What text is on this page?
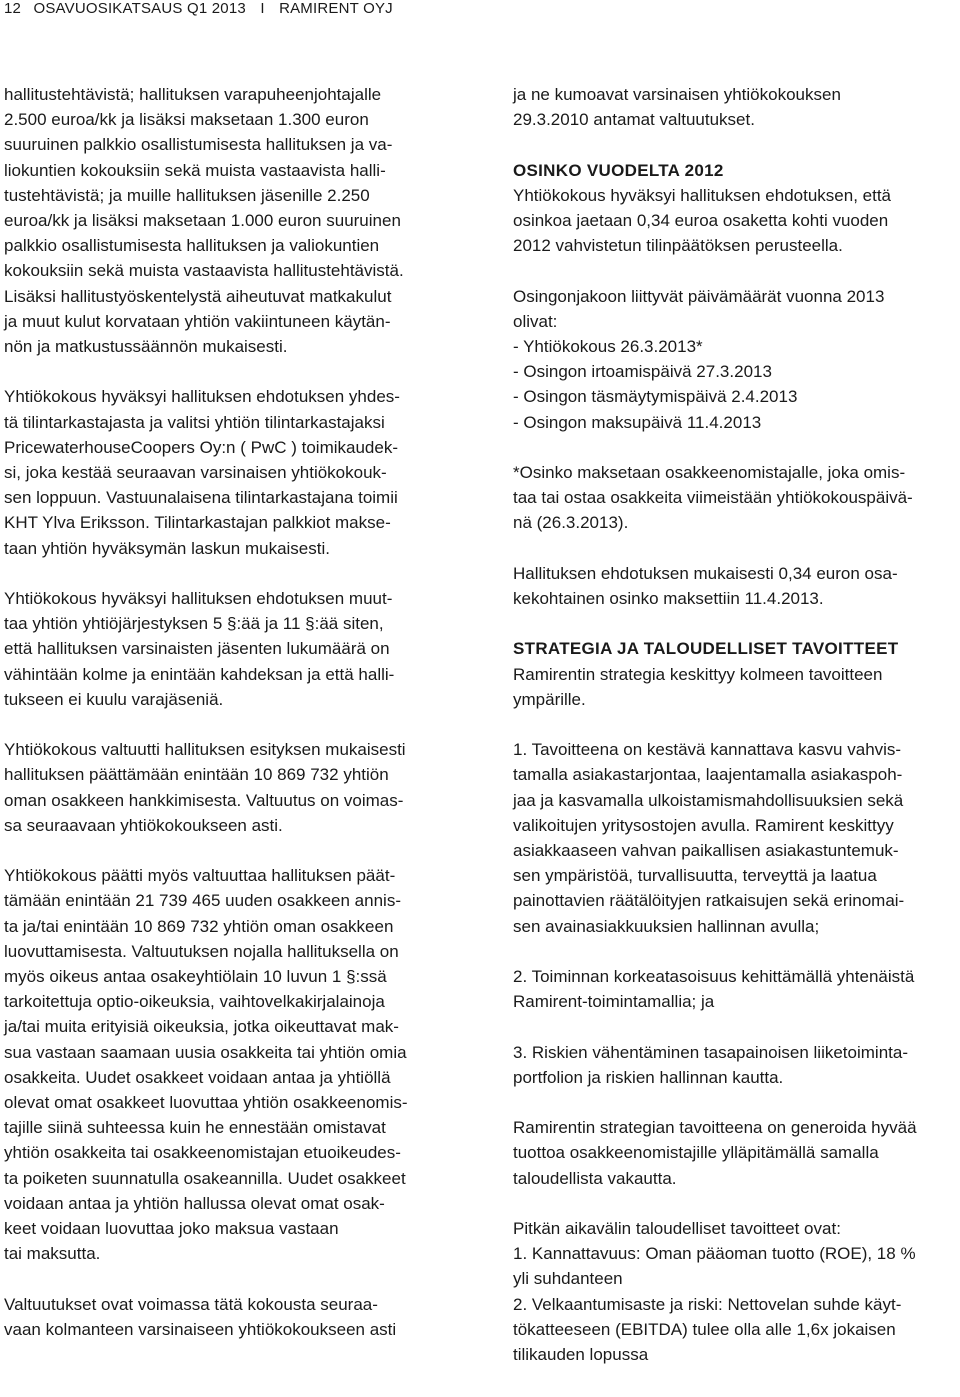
12 OSAVUOSIKATSAUS Q1 2013 I RAMIRENT OYJ

hallitustehtävistä; hallituksen varapuheenjohtajalle
2.500 euroa/kk ja lisäksi maksetaan 1.300 euron
suuruinen palkkio osallistumisesta hallituksen ja va-
liokuntien kokouksiin sekä muista vastaavista halli-
tustehtävistä; ja muille hallituksen jäsenille 2.250
euroa/kk ja lisäksi maksetaan 1.000 euron suuruinen
palkkio osallistumisesta hallituksen ja valiokuntien
kokouksiin sekä muista vastaavista hallitustehtävistä.
Lisäksi hallitustyöskentelystä aiheutuvat matkakulut
ja muut kulut korvataan yhtiön vakiintuneen käytän-
nön ja matkustussäännön mukaisesti.

Yhtiökokous hyväksyi hallituksen ehdotuksen yhdes-
tä tilintarkastajasta ja valitsi yhtiön tilintarkastajaksi
PricewaterhouseCoopers Oy:n ( PwC ) toimikaudek-
si, joka kestää seuraavan varsinaisen yhtiökokouk-
sen loppuun. Vastuunalaisena tilintarkastajana toimii
KHT Ylva Eriksson. Tilintarkastajan palkkiot makse-
taan yhtiön hyväksymän laskun mukaisesti.

Yhtiökokous hyväksyi hallituksen ehdotuksen muut-
taa yhtiön yhtiöjärjestyksen 5 §:ää ja 11 §:ää siten,
että hallituksen varsinaisten jäsenten lukumäärä on
vähintään kolme ja enintään kahdeksan ja että halli-
tukseen ei kuulu varajäseniä.

Yhtiökokous valtuutti hallituksen esityksen mukaisesti
hallituksen päättämään enintään 10 869 732 yhtiön
oman osakkeen hankkimisesta. Valtuutus on voimas-
sa seuraavaan yhtiökokoukseen asti.

Yhtiökokous päätti myös valtuuttaa hallituksen päät-
tämään enintään 21 739 465 uuden osakkeen annis-
ta ja/tai enintään 10 869 732 yhtiön oman osakkeen
luovuttamisesta. Valtuutuksen nojalla hallituksella on
myös oikeus antaa osakeyhtiölain 10 luvun 1 §:ssä
tarkoitettuja optio-oikeuksia, vaihtovelkakirjalainoja
ja/tai muita erityisiä oikeuksia, jotka oikeuttavat mak-
sua vastaan saamaan uusia osakkeita tai yhtiön omia
osakkeita. Uudet osakkeet voidaan antaa ja yhtiöllä
olevat omat osakkeet luovuttaa yhtiön osakkeenomis-
tajille siinä suhteessa kuin he ennestään omistavat
yhtiön osakkeita tai osakkeenomistajan etuoikeudes-
ta poiketen suunnatulla osakeannilla. Uudet osakkeet
voidaan antaa ja yhtiön hallussa olevat omat osak-
keet voidaan luovuttaa joko maksua vastaan
tai maksutta.

Valtuutukset ovat voimassa tätä kokousta seuraa-
vaan kolmanteen varsinaiseen yhtiökokoukseen asti

ja ne kumoavat varsinaisen yhtiökokouksen
29.3.2010 antamat valtuutukset.

OSINKO VUODELTA 2012
Yhtiökokous hyväksyi hallituksen ehdotuksen, että
osinkoa jaetaan 0,34 euroa osaketta kohti vuoden
2012 vahvistetun tilinpäätöksen perusteella.

Osingonjakoon liittyvät päivämäärät vuonna 2013
olivat:
- Yhtiökokous 26.3.2013*
- Osingon irtoamispäivä 27.3.2013
- Osingon täsmäytymispäivä 2.4.2013
- Osingon maksupäivä 11.4.2013

*Osinko maksetaan osakkeenomistajalle, joka omis-
taa tai ostaa osakkeita viimeistään yhtiökokouspäivä-
nä (26.3.2013).

Hallituksen ehdotuksen mukaisesti 0,34 euron osa-
kekohtainen osinko maksettiin 11.4.2013.

STRATEGIA JA TALOUDELLISET TAVOITTEET
Ramirentin strategia keskittyy kolmeen tavoitteen
ympärille.

1. Tavoitteena on kestävä kannattava kasvu vahvis-
tamalla asiakastarjontaa, laajentamalla asiakaspoh-
jaa ja kasvamalla ulkoistamismahdollisuuksien sekä
valikoitujen yritysostojen avulla. Ramirent keskittyy
asiakkaaseen vahvan paikallisen asiakastuntemuk-
sen ympäristöä, turvallisuutta, terveyttä ja laatua
painottavien räätälöityjen ratkaisujen sekä erinomai-
sen avainasiakkuuksien hallinnan avulla;

2. Toiminnan korkeatasoisuus kehittämällä yhtenäistä
Ramirent-toimintamallia; ja

3. Riskien vähentäminen tasapainoisen liiketoiminta-
portfolion ja riskien hallinnan kautta.

Ramirentin strategian tavoitteena on generoida hyvää
tuottoa osakkeenomistajille ylläpitämällä samalla
taloudellista vakautta.

Pitkän aikavälin taloudelliset tavoitteet ovat:
1. Kannattavuus: Oman pääoman tuotto (ROE), 18 %
yli suhdanteen
2. Velkaantumisaste ja riski: Nettovelan suhde käyt-
tökatteeseen (EBITDA) tulee olla alle 1,6x jokaisen
tilikauden lopussa
